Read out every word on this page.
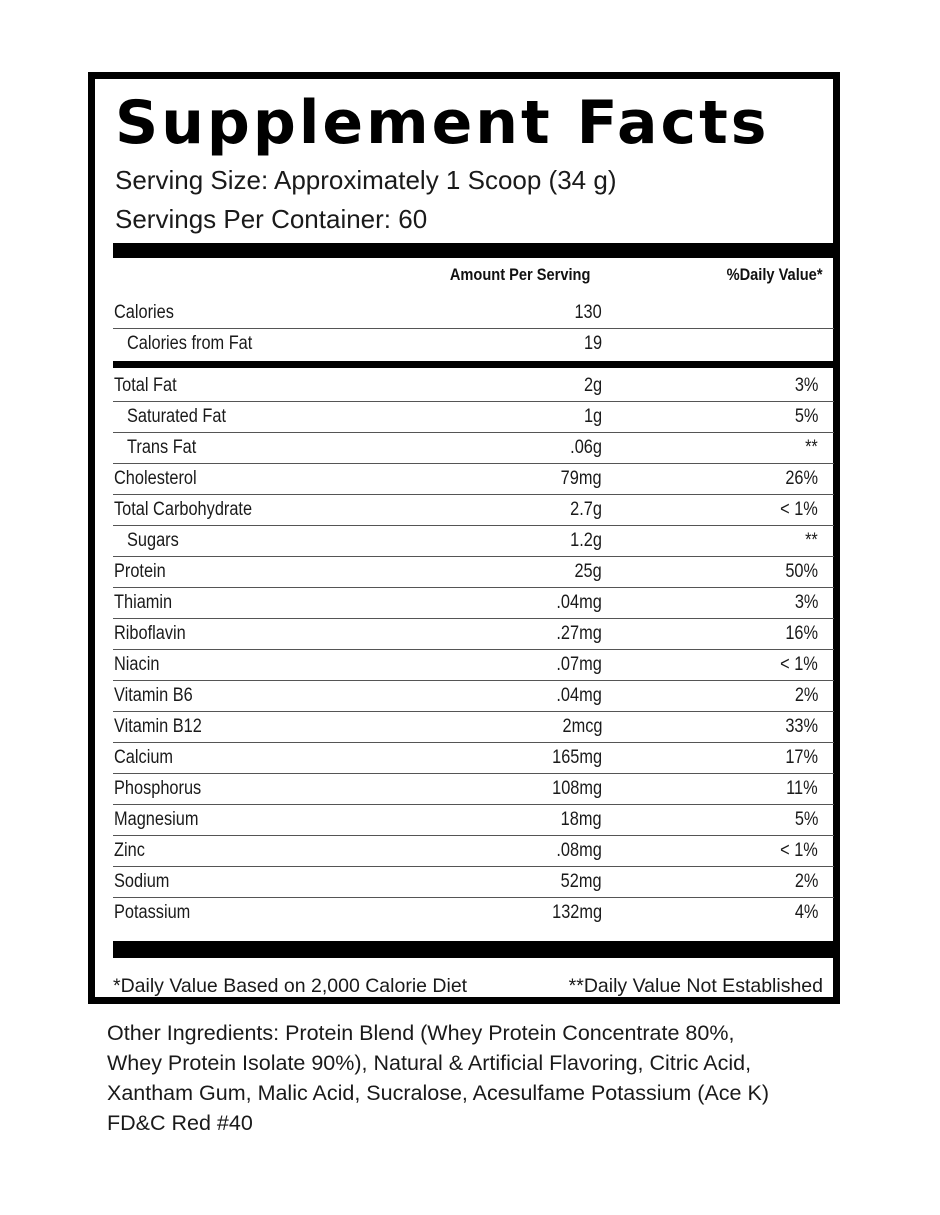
Supplement Facts
Serving Size: Approximately 1 Scoop (34 g)
Servings Per Container: 60
Amount Per Serving	%Daily Value*
Calories	130
Calories from Fat	19
Total Fat	2g	3%
Saturated Fat	1g	5%
Trans Fat	.06g	**
Cholesterol	79mg	26%
Total Carbohydrate	2.7g	< 1%
Sugars	1.2g	**
Protein	25g	50%
Thiamin	.04mg	3%
Riboflavin	.27mg	16%
Niacin	.07mg	< 1%
Vitamin B6	.04mg	2%
Vitamin B12	2mcg	33%
Calcium	165mg	17%
Phosphorus	108mg	11%
Magnesium	18mg	5%
Zinc	.08mg	< 1%
Sodium	52mg	2%
Potassium	132mg	4%
*Daily Value Based on 2,000 Calorie Diet	**Daily Value Not Established
Other Ingredients: Protein Blend (Whey Protein Concentrate 80%,
Whey Protein Isolate 90%), Natural & Artificial Flavoring, Citric Acid,
Xantham Gum, Malic Acid, Sucralose, Acesulfame Potassium (Ace K)
FD&C Red #40
